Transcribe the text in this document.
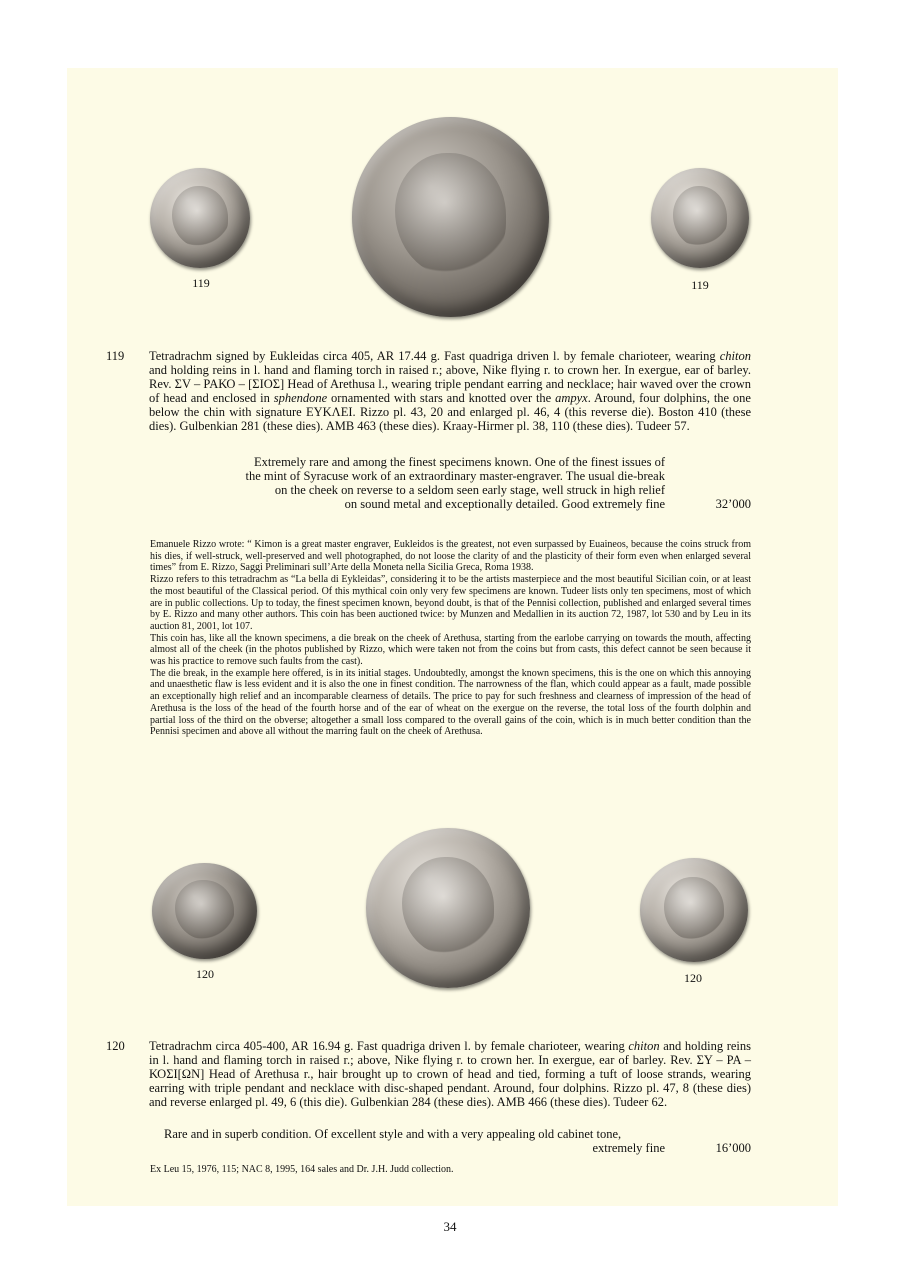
119	119
119 Tetradrachm signed by Eukleidas circa 405, AR 17.44 g. Fast quadriga driven l. by female charioteer, wearing chiton and holding reins in l. hand and flaming torch in raised r.; above, Nike flying r. to crown her. In exergue, ear of barley. Rev. ΣV – ΡΑΚΟ – [ΣΙΟΣ] Head of Arethusa l., wearing triple pendant earring and necklace; hair waved over the crown of head and enclosed in sphendone ornamented with stars and knotted over the ampyx. Around, four dolphins, the one below the chin with signature ΕΥΚΛΕΙ. Rizzo pl. 43, 20 and enlarged pl. 46, 4 (this reverse die). Boston 410 (these dies). Gulbenkian 281 (these dies). AMB 463 (these dies). Kraay-Hirmer pl. 38, 110 (these dies). Tudeer 57.
Extremely rare and among the finest specimens known. One of the finest issues of
the mint of Syracuse work of an extraordinary master-engraver. The usual die-break
on the cheek on reverse to a seldom seen early stage, well struck in high relief
on sound metal and exceptionally detailed. Good extremely fine	32’000

Emanuele Rizzo wrote: “ Kimon is a great master engraver, Eukleidos is the greatest, not even surpassed by Euaineos, because the coins struck from his dies, if well-struck, well-preserved and well photographed, do not loose the clarity of and the plasticity of their form even when enlarged several times” from E. Rizzo, Saggi Preliminari sull’Arte della Moneta nella Sicilia Greca, Roma 1938.

Rizzo refers to this tetradrachm as “La bella di Eykleidas”, considering it to be the artists masterpiece and the most beautiful Sicilian coin, or at least the most beautiful of the Classical period. Of this mythical coin only very few specimens are known. Tudeer lists only ten specimens, most of which are in public collections. Up to today, the finest specimen known, beyond doubt, is that of the Pennisi collection, published and enlarged several times by E. Rizzo and many other authors. This coin has been auctioned twice: by Munzen and Medallien in its auction 72, 1987, lot 530 and by Leu in its auction 81, 2001, lot 107.

This coin has, like all the known specimens, a die break on the cheek of Arethusa, starting from the earlobe carrying on towards the mouth, affecting almost all of the cheek (in the photos published by Rizzo, which were taken not from the coins but from casts, this defect cannot be seen because it was his practice to remove such faults from the cast).

The die break, in the example here offered, is in its initial stages. Undoubtedly, amongst the known specimens, this is the one on which this annoying and unaesthetic flaw is less evident and it is also the one in finest condition. The narrowness of the flan, which could appear as a fault, made possible an exceptionally high relief and an incomparable clearness of details. The price to pay for such freshness and clearness of impression of the head of Arethusa is the loss of the head of the fourth horse and of the ear of wheat on the exergue on the reverse, the total loss of the fourth dolphin and partial loss of the third on the obverse; altogether a small loss compared to the overall gains of the coin, which is in much better condition than the Pennisi specimen and above all without the marring fault on the cheek of Arethusa.

120	120
120 Tetradrachm circa 405-400, AR 16.94 g. Fast quadriga driven l. by female charioteer, wearing chiton and holding reins in l. hand and flaming torch in raised r.; above, Nike flying r. to crown her. In exergue, ear of barley. Rev. ΣΥ – ΡΑ – ΚΟΣΙ[ΩΝ] Head of Arethusa r., hair brought up to crown of head and tied, forming a tuft of loose strands, wearing earring with triple pendant and necklace with disc-shaped pendant. Around, four dolphins. Rizzo pl. 47, 8 (these dies) and reverse enlarged pl. 49, 6 (this die). Gulbenkian 284 (these dies). AMB 466 (these dies). Tudeer 62.
Rare and in superb condition. Of excellent style and with a very appealing old cabinet tone,
extremely fine	16’000

Ex Leu 15, 1976, 115; NAC 8, 1995, 164 sales and Dr. J.H. Judd collection.

34
